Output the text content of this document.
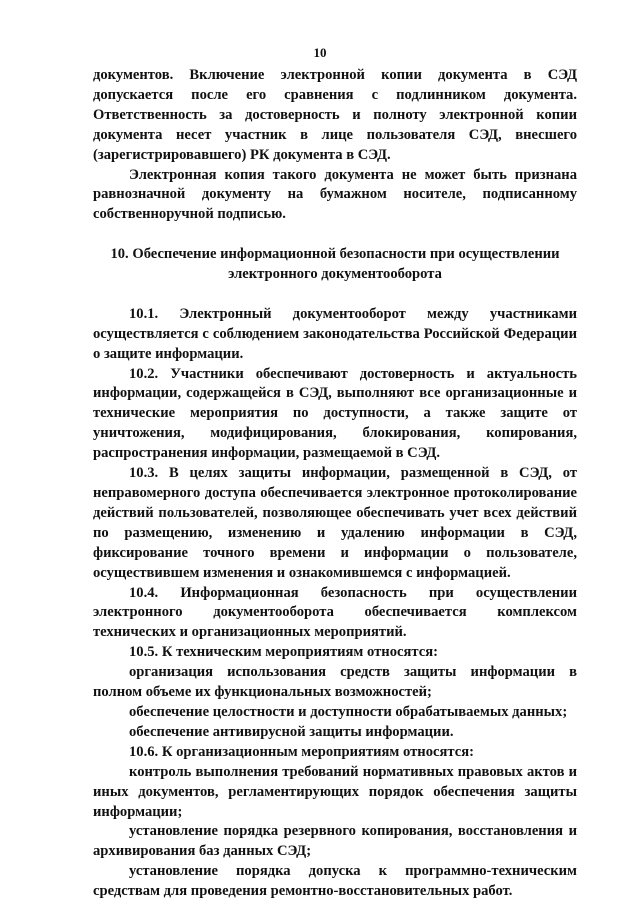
10

документов. Включение электронной копии документа в СЭД допускается после его сравнения с подлинником документа. Ответственность за достоверность и полноту электронной копии документа несет участник в лице пользователя СЭД, внесшего (зарегистрировавшего) РК документа в СЭД.

Электронная копия такого документа не может быть признана равнозначной документу на бумажном носителе, подписанному собственноручной подписью.

10. Обеспечение информационной безопасности при осуществлении
электронного документооборота

10.1. Электронный документооборот между участниками осуществляется с соблюдением законодательства Российской Федерации о защите информации.

10.2. Участники обеспечивают достоверность и актуальность информации, содержащейся в СЭД, выполняют все организационные и технические мероприятия по доступности, а также защите от уничтожения, модифицирования, блокирования, копирования, распространения информации, размещаемой в СЭД.

10.3. В целях защиты информации, размещенной в СЭД, от неправомерного доступа обеспечивается электронное протоколирование действий пользователей, позволяющее обеспечивать учет всех действий по размещению, изменению и удалению информации в СЭД, фиксирование точного времени и информации о пользователе, осуществившем изменения и ознакомившемся с информацией.

10.4. Информационная безопасность при осуществлении электронного документооборота обеспечивается комплексом технических и организационных мероприятий.

10.5. К техническим мероприятиям относятся:

организация использования средств защиты информации в полном объеме их функциональных возможностей;

обеспечение целостности и доступности обрабатываемых данных;

обеспечение антивирусной защиты информации.

10.6. К организационным мероприятиям относятся:

контроль выполнения требований нормативных правовых актов и иных документов, регламентирующих порядок обеспечения защиты информации;

установление порядка резервного копирования, восстановления и архивирования баз данных СЭД;

установление порядка допуска к программно-техническим средствам для проведения ремонтно-восстановительных работ.
